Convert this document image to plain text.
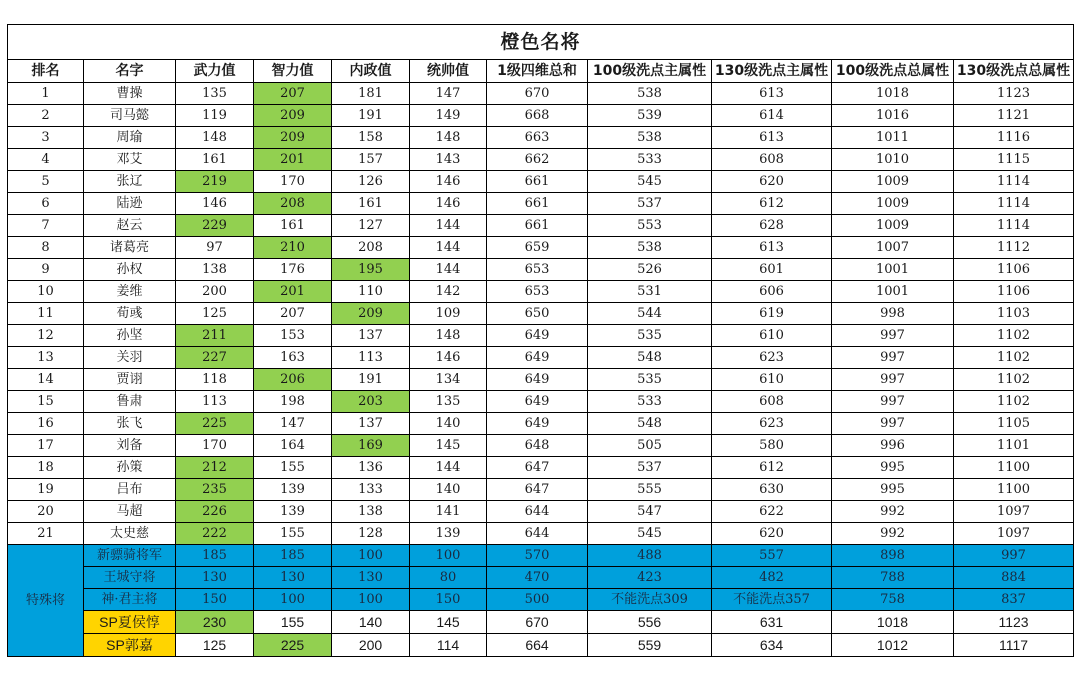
橙色名将										
排名	名字	武力值	智力值	内政值	统帅值	1级四维总和	100级洗点主属性	130级洗点主属性	100级洗点总属性	130级洗点总属性
1	曹操	135	207	181	147	670	538	613	1018	1123
2	司马懿	119	209	191	149	668	539	614	1016	1121
3	周瑜	148	209	158	148	663	538	613	1011	1116
4	邓艾	161	201	157	143	662	533	608	1010	1115
5	张辽	219	170	126	146	661	545	620	1009	1114
6	陆逊	146	208	161	146	661	537	612	1009	1114
7	赵云	229	161	127	144	661	553	628	1009	1114
8	诸葛亮	97	210	208	144	659	538	613	1007	1112
9	孙权	138	176	195	144	653	526	601	1001	1106
10	姜维	200	201	110	142	653	531	606	1001	1106
11	荀彧	125	207	209	109	650	544	619	998	1103
12	孙坚	211	153	137	148	649	535	610	997	1102
13	关羽	227	163	113	146	649	548	623	997	1102
14	贾诩	118	206	191	134	649	535	610	997	1102
15	鲁肃	113	198	203	135	649	533	608	997	1102
16	张飞	225	147	137	140	649	548	623	997	1105
17	刘备	170	164	169	145	648	505	580	996	1101
18	孙策	212	155	136	144	647	537	612	995	1100
19	吕布	235	139	133	140	647	555	630	995	1100
20	马超	226	139	138	141	644	547	622	992	1097
21	太史慈	222	155	128	139	644	545	620	992	1097
特殊将	新骠骑将军	185	185	100	100	570	488	557	898	997
	王城守将	130	130	130	80	470	423	482	788	884
	神·君主将	150	100	100	150	500	不能洗点309	不能洗点357	758	837
	SP夏侯惇	230	155	140	145	670	556	631	1018	1123
	SP郭嘉	125	225	200	114	664	559	634	1012	1117
